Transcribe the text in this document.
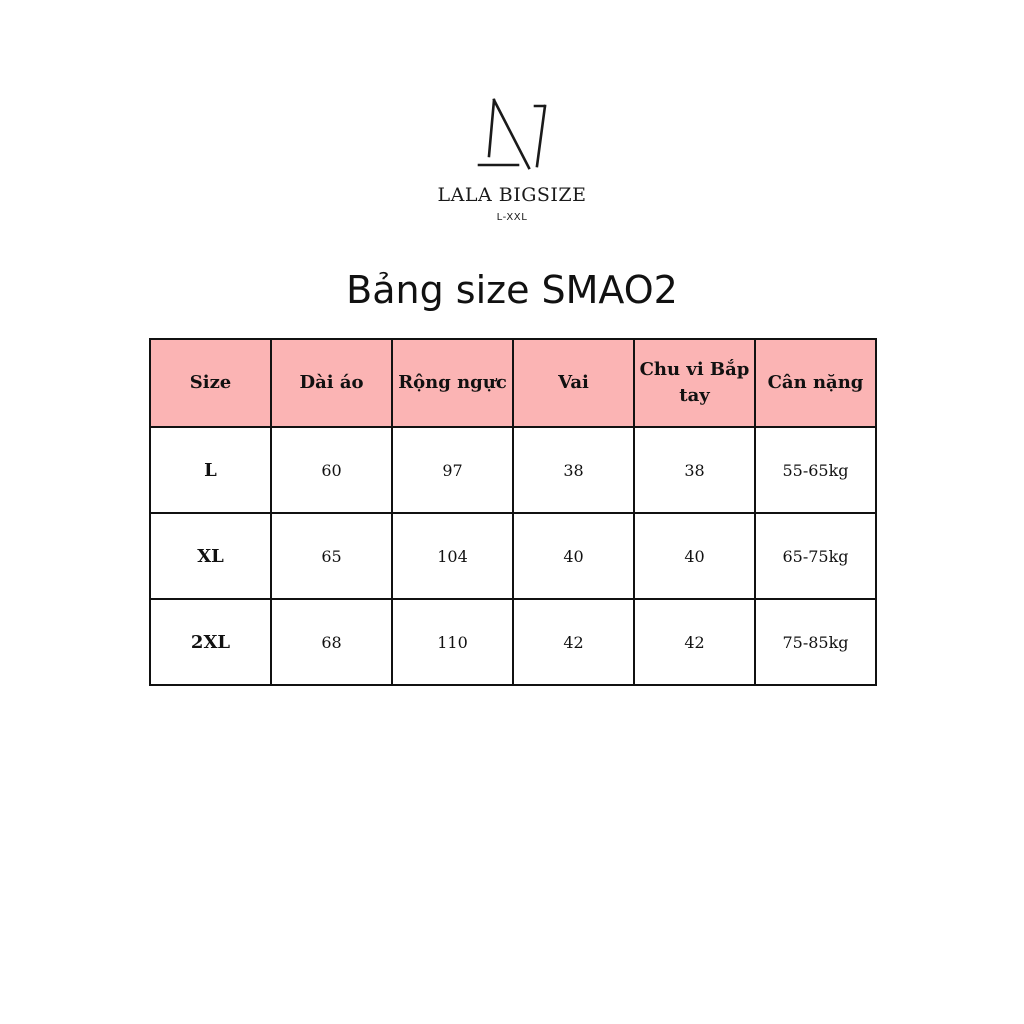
LALA BIGSIZE
L-XXL
Bảng size SMAO2
Size	Dài áo	Rộng ngực	Vai	Chu vi Bắp tay	Cân nặng
L	60	97	38	38	55-65kg
XL	65	104	40	40	65-75kg
2XL	68	110	42	42	75-85kg
